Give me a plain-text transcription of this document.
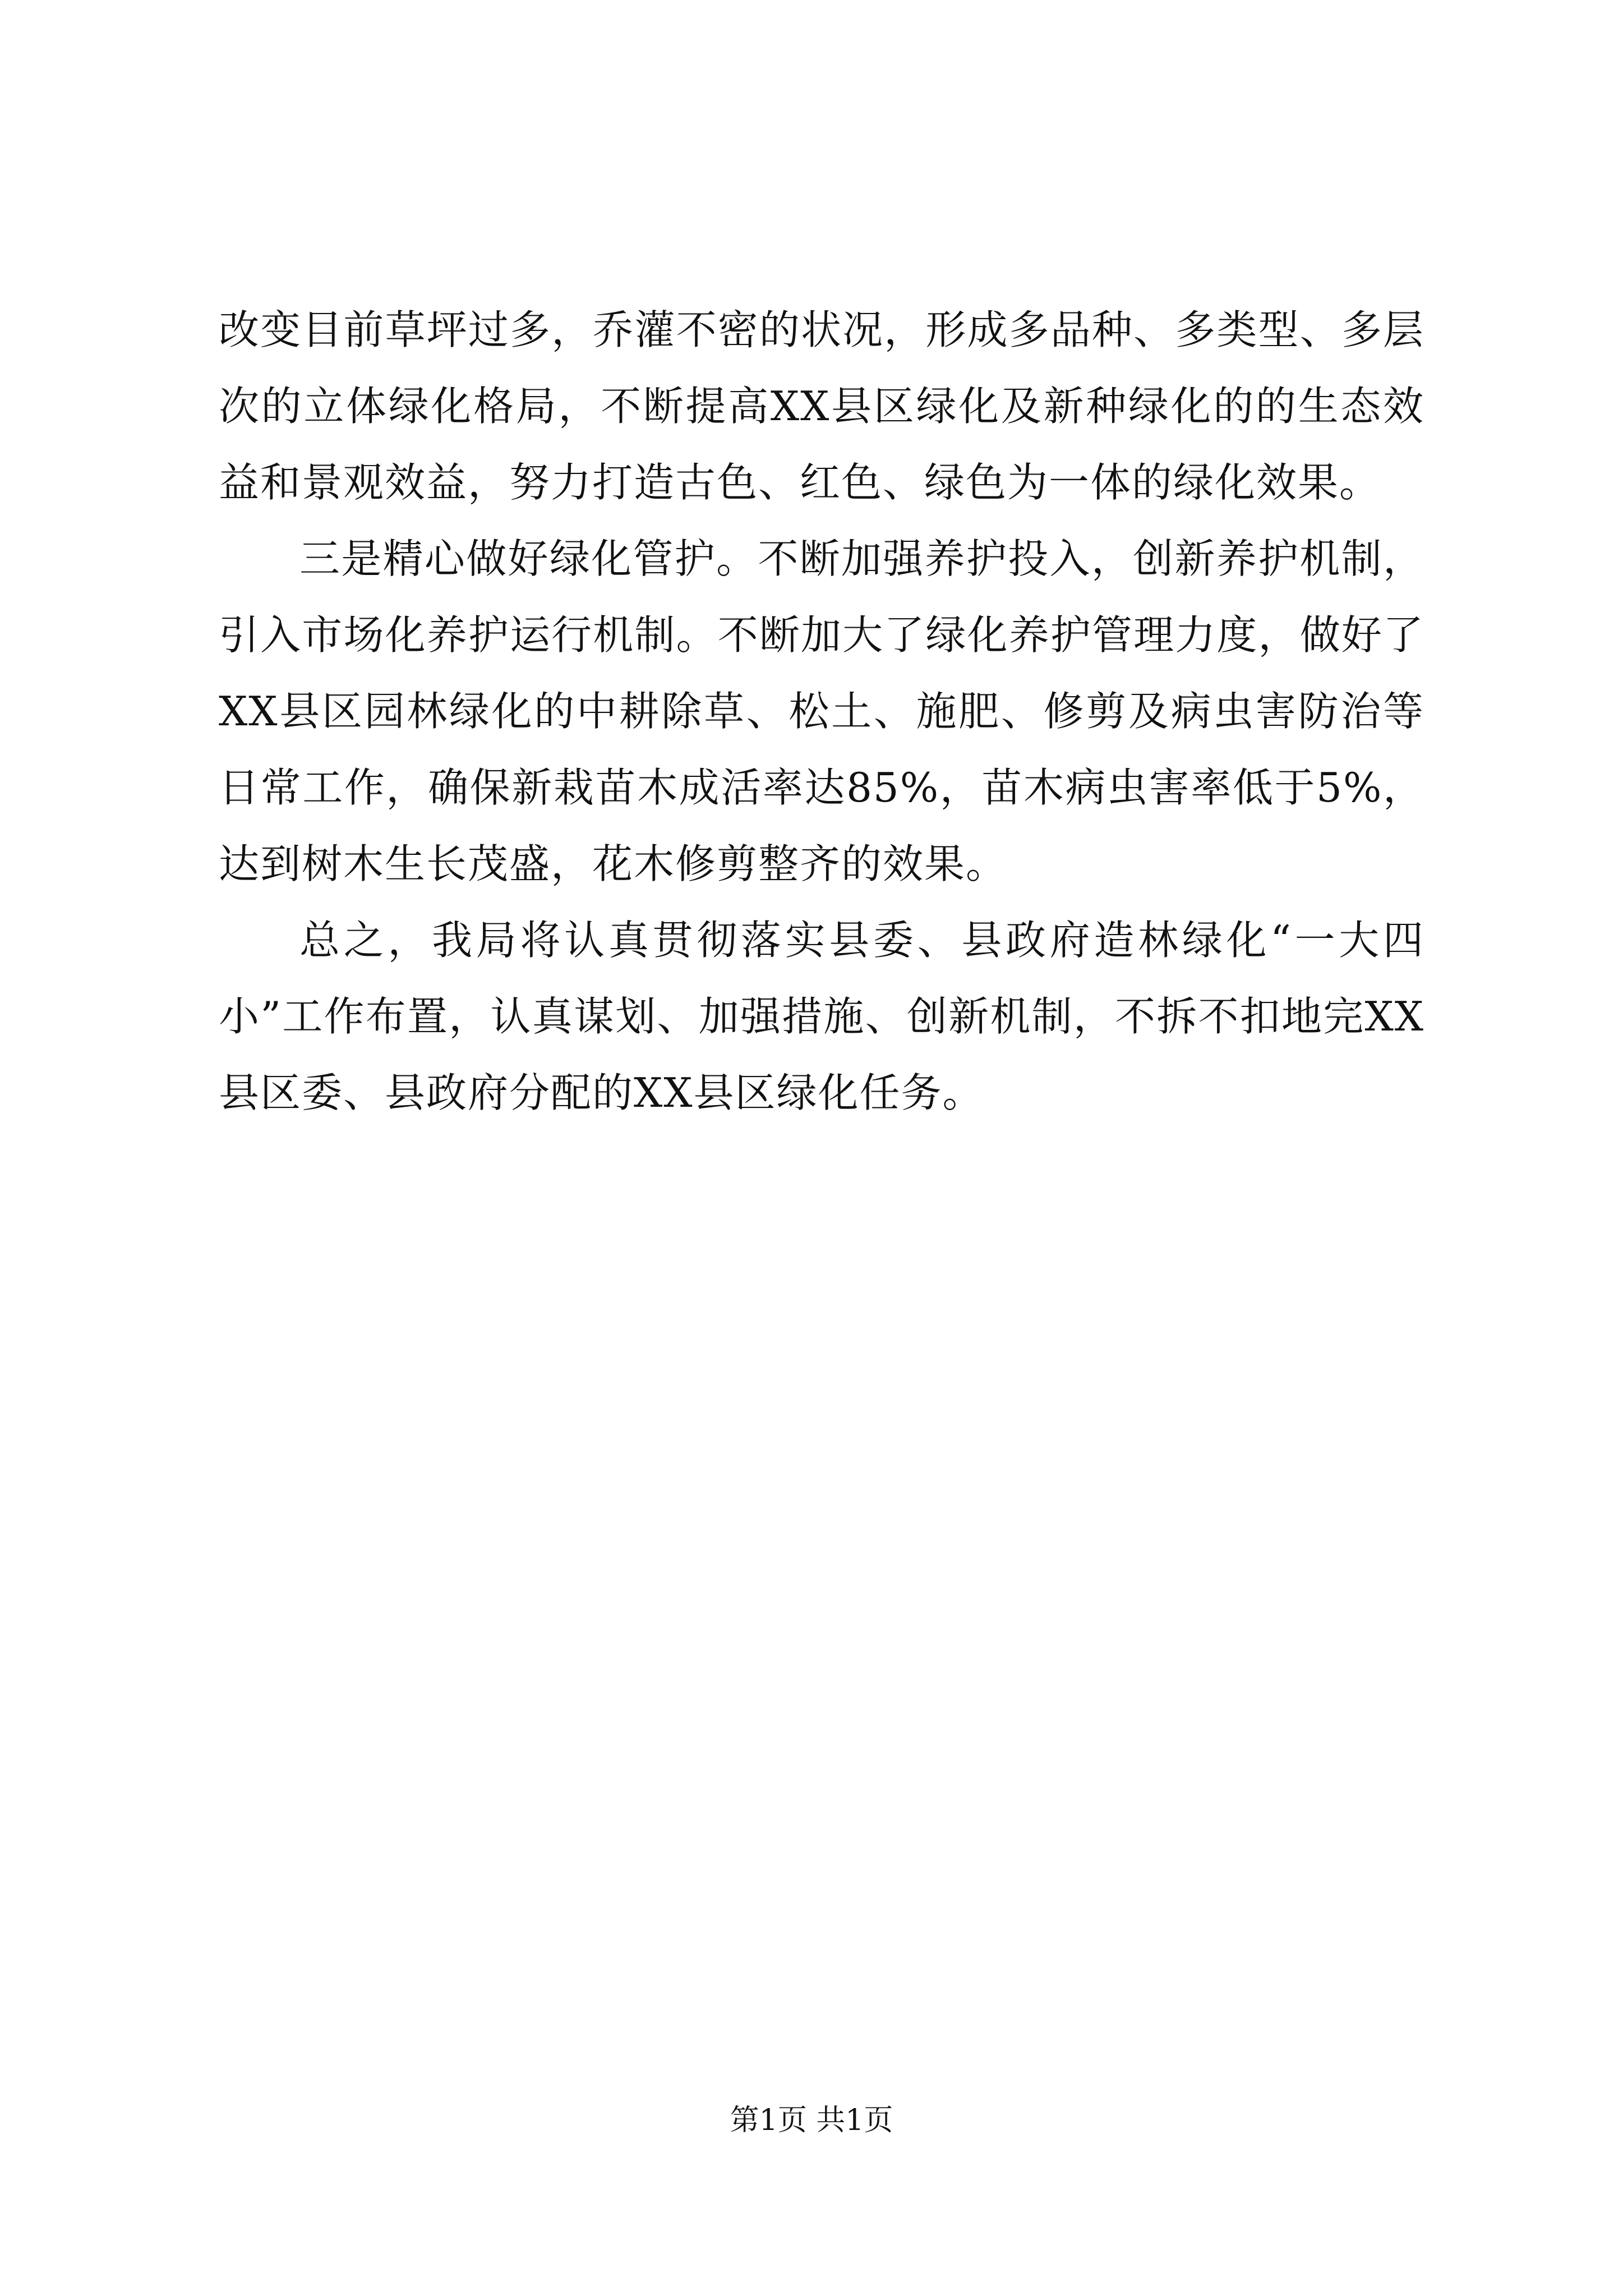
改变目前草坪过多，乔灌不密的状况，形成多品种、多类型、多层次的立体绿化格局，不断提高XX县区绿化及新种绿化的的生态效益和景观效益，努力打造古色、红色、绿色为一体的绿化效果。

三是精心做好绿化管护。不断加强养护投入，创新养护机制，引入市场化养护运行机制。不断加大了绿化养护管理力度，做好了XX县区园林绿化的中耕除草、松土、施肥、修剪及病虫害防治等日常工作，确保新栽苗木成活率达85%，苗木病虫害率低于5%，达到树木生长茂盛，花木修剪整齐的效果。

总之，我局将认真贯彻落实县委、县政府造林绿化“一大四小”工作布置，认真谋划、加强措施、创新机制，不拆不扣地完XX县区委、县政府分配的XX县区绿化任务。

第1页 共1页
